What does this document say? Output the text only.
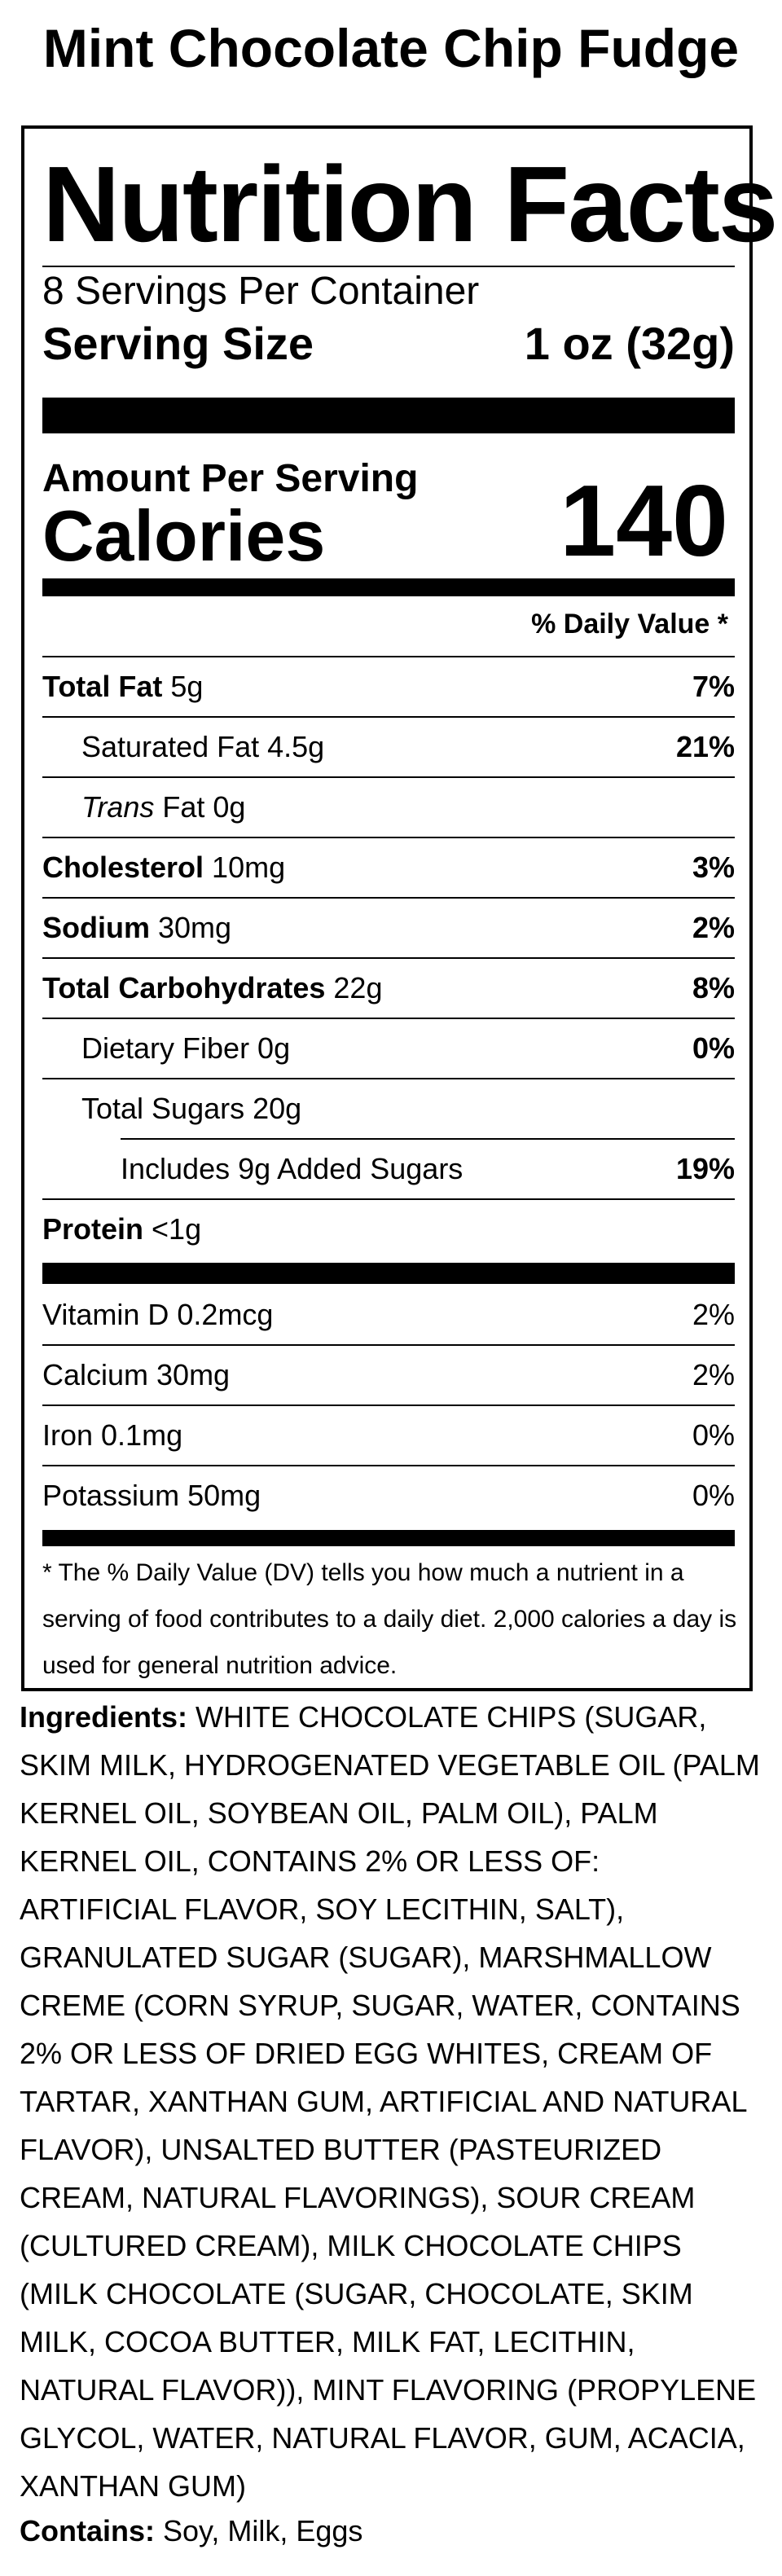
Mint Chocolate Chip Fudge
Nutrition Facts
8 Servings Per Container
Serving Size	1 oz (32g)
Amount Per Serving
Calories 140
% Daily Value *
Total Fat 5g	7%
Saturated Fat 4.5g	21%
Trans Fat 0g
Cholesterol 10mg	3%
Sodium 30mg	2%
Total Carbohydrates 22g	8%
Dietary Fiber 0g	0%
Total Sugars 20g
Includes 9g Added Sugars	19%
Protein <1g
Vitamin D 0.2mcg	2%
Calcium 30mg	2%
Iron 0.1mg	0%
Potassium 50mg	0%
* The % Daily Value (DV) tells you how much a nutrient in a serving of food contributes to a daily diet. 2,000 calories a day is used for general nutrition advice.
Ingredients: WHITE CHOCOLATE CHIPS (SUGAR, SKIM MILK, HYDROGENATED VEGETABLE OIL (PALM KERNEL OIL, SOYBEAN OIL, PALM OIL), PALM KERNEL OIL, CONTAINS 2% OR LESS OF: ARTIFICIAL FLAVOR, SOY LECITHIN, SALT), GRANULATED SUGAR (SUGAR), MARSHMALLOW CREME (CORN SYRUP, SUGAR, WATER, CONTAINS 2% OR LESS OF DRIED EGG WHITES, CREAM OF TARTAR, XANTHAN GUM, ARTIFICIAL AND NATURAL FLAVOR), UNSALTED BUTTER (PASTEURIZED CREAM, NATURAL FLAVORINGS), SOUR CREAM (CULTURED CREAM), MILK CHOCOLATE CHIPS (MILK CHOCOLATE (SUGAR, CHOCOLATE, SKIM MILK, COCOA BUTTER, MILK FAT, LECITHIN, NATURAL FLAVOR)), MINT FLAVORING (PROPYLENE GLYCOL, WATER, NATURAL FLAVOR, GUM, ACACIA, XANTHAN GUM)
Contains: Soy, Milk, Eggs
